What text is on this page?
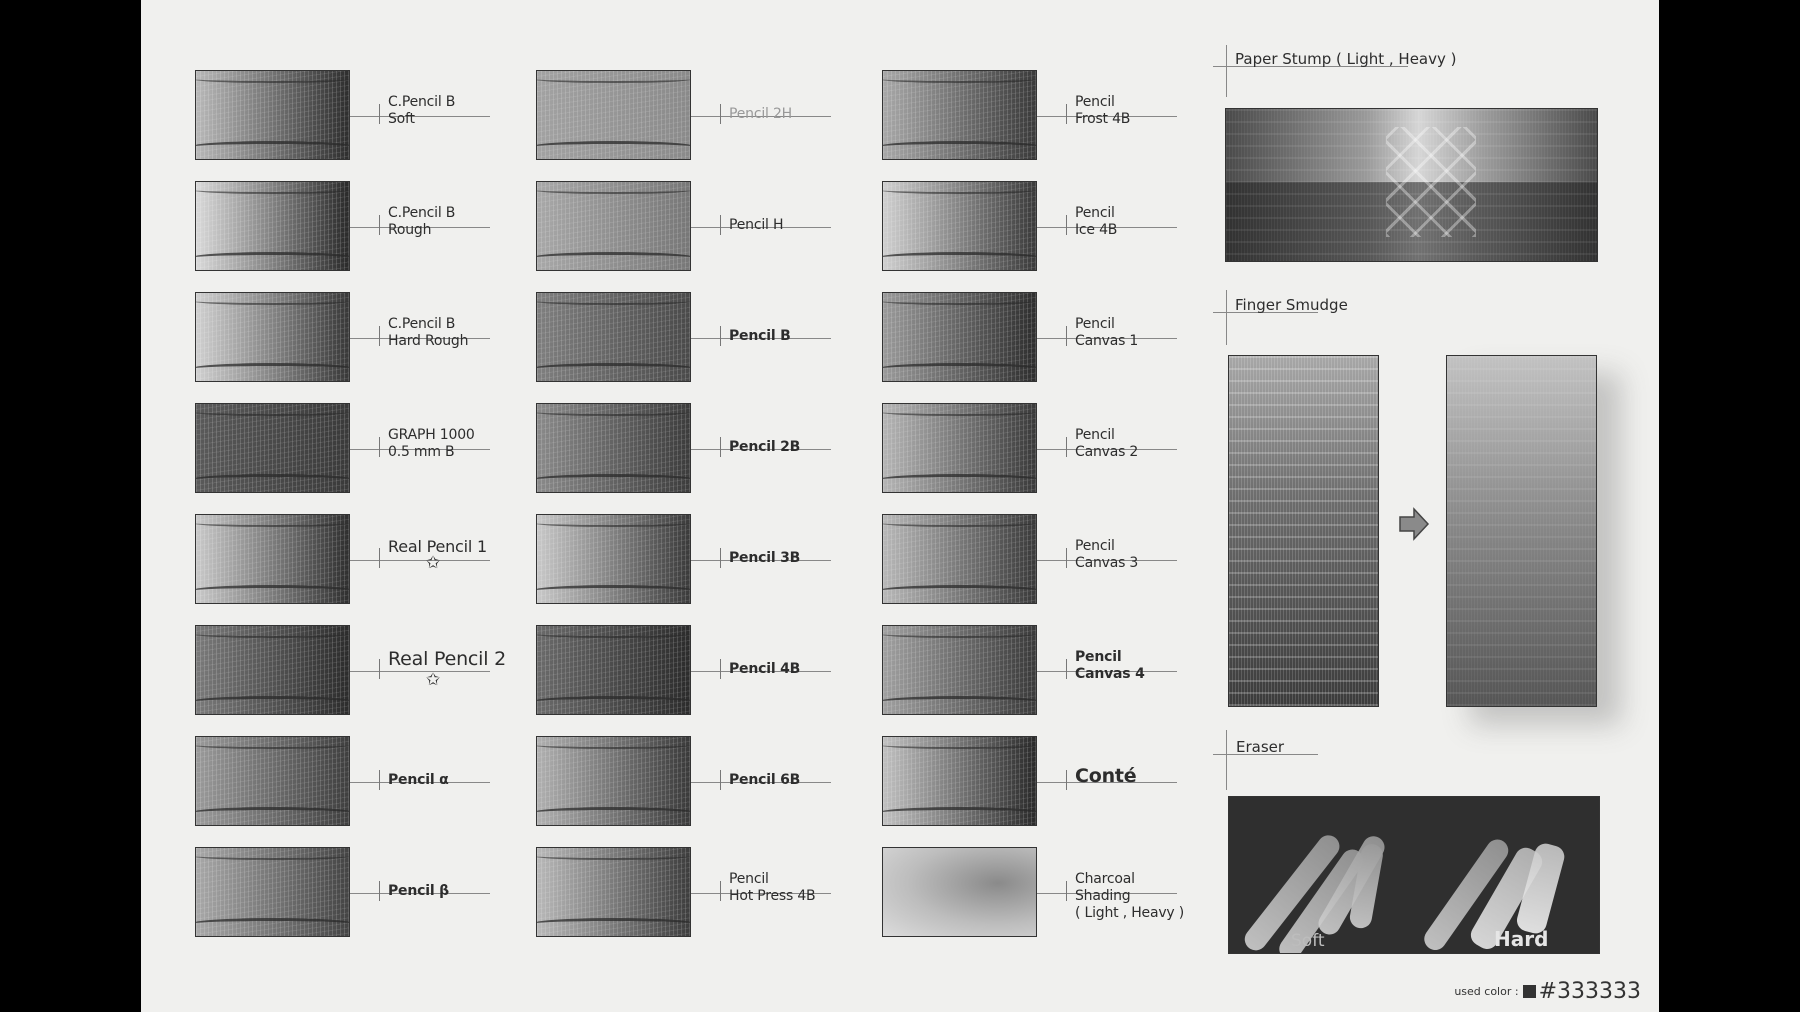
C.Pencil B
Soft
C.Pencil B
Rough
C.Pencil B
Hard Rough
GRAPH 1000
0.5 mm B
Real Pencil 1
✩
Real Pencil 2
✩
Pencil α
Pencil β
Pencil 2H
Pencil H
Pencil B
Pencil 2B
Pencil 3B
Pencil 4B
Pencil 6B
Pencil
Hot Press 4B
Pencil
Frost 4B
Pencil
Ice 4B
Pencil
Canvas 1
Pencil
Canvas 2
Pencil
Canvas 3
Pencil
Canvas 4
Conté
Charcoal
Shading
( Light , Heavy )
Paper Stump ( Light , Heavy )
Finger Smudge
Eraser
Soft	Hard
used color : #333333
